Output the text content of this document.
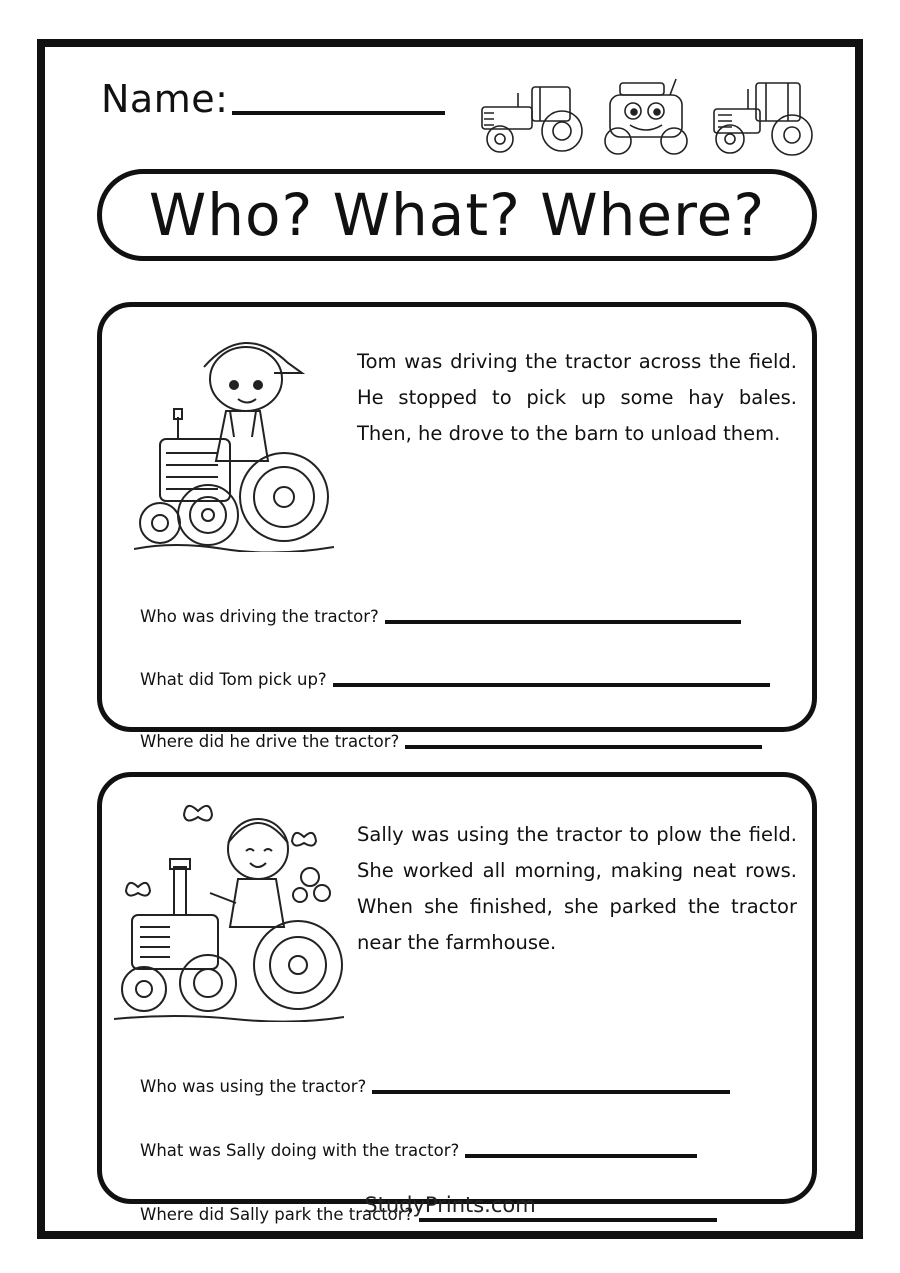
Name:
Who? What? Where?
Tom was driving the tractor across the field. He stopped to pick up some hay bales. Then, he drove to the barn to unload them.
Who was driving the tractor?
What did Tom pick up?
Where did he drive the tractor?
Sally was using the tractor to plow the field. She worked all morning, making neat rows. When she finished, she parked the tractor near the farmhouse.
Who was using the tractor?
What was Sally doing with the tractor?
Where did Sally park the tractor?
StudyPrints.com
